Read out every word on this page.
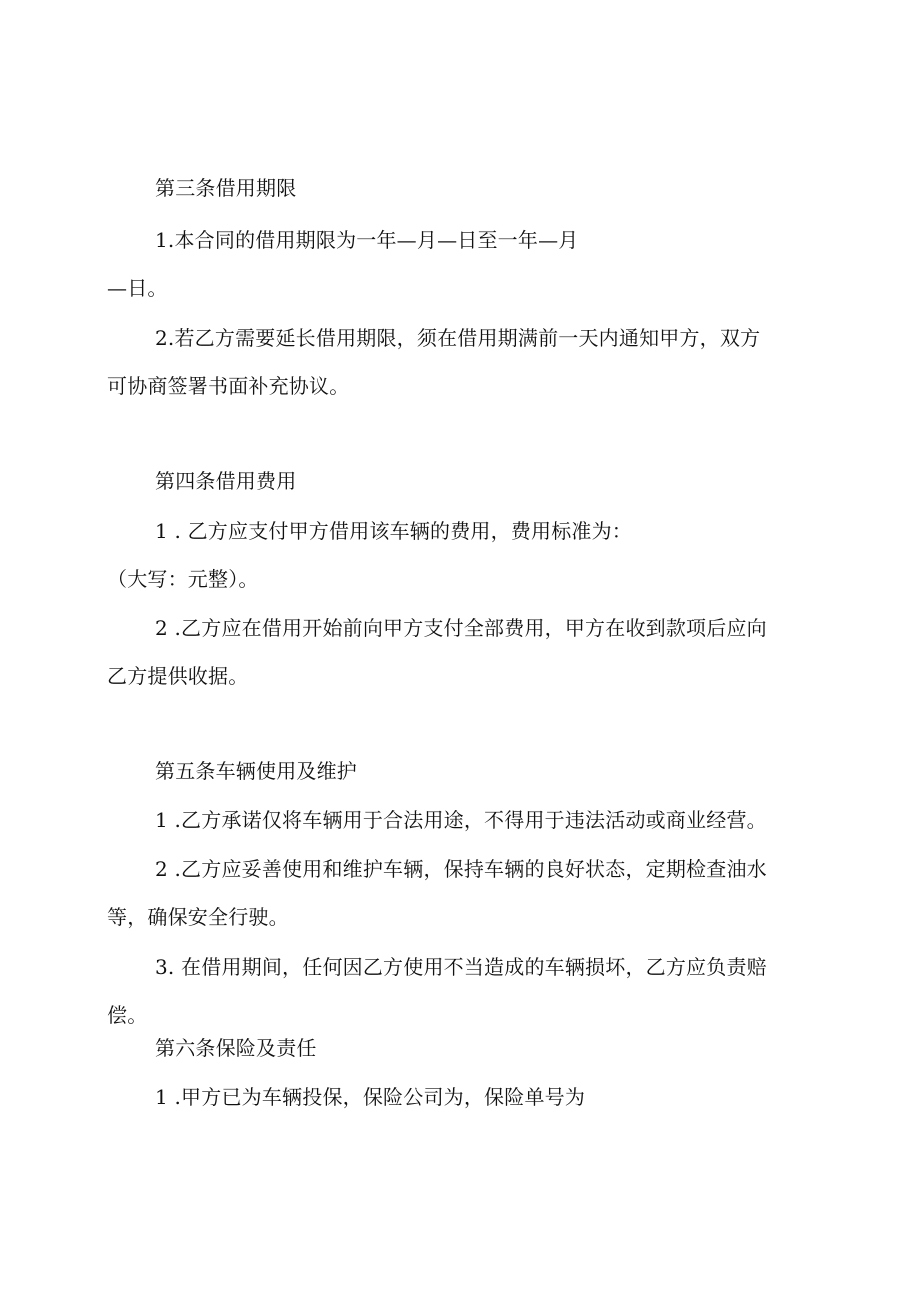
第三条借用期限
1.本合同的借用期限为一年—月—日至一年—月
—日。
2.若乙方需要延长借用期限，须在借用期满前一天内通知甲方，双方
可协商签署书面补充协议。
第四条借用费用
1 . 乙方应支付甲方借用该车辆的费用，费用标准为：
（大写：元整）。
2 .乙方应在借用开始前向甲方支付全部费用，甲方在收到款项后应向
乙方提供收据。
第五条车辆使用及维护
1 .乙方承诺仅将车辆用于合法用途，不得用于违法活动或商业经营。
2 .乙方应妥善使用和维护车辆，保持车辆的良好状态，定期检查油水
等，确保安全行驶。
3. 在借用期间，任何因乙方使用不当造成的车辆损坏，乙方应负责赔
偿。
第六条保险及责任
1 .甲方已为车辆投保，保险公司为，保险单号为
